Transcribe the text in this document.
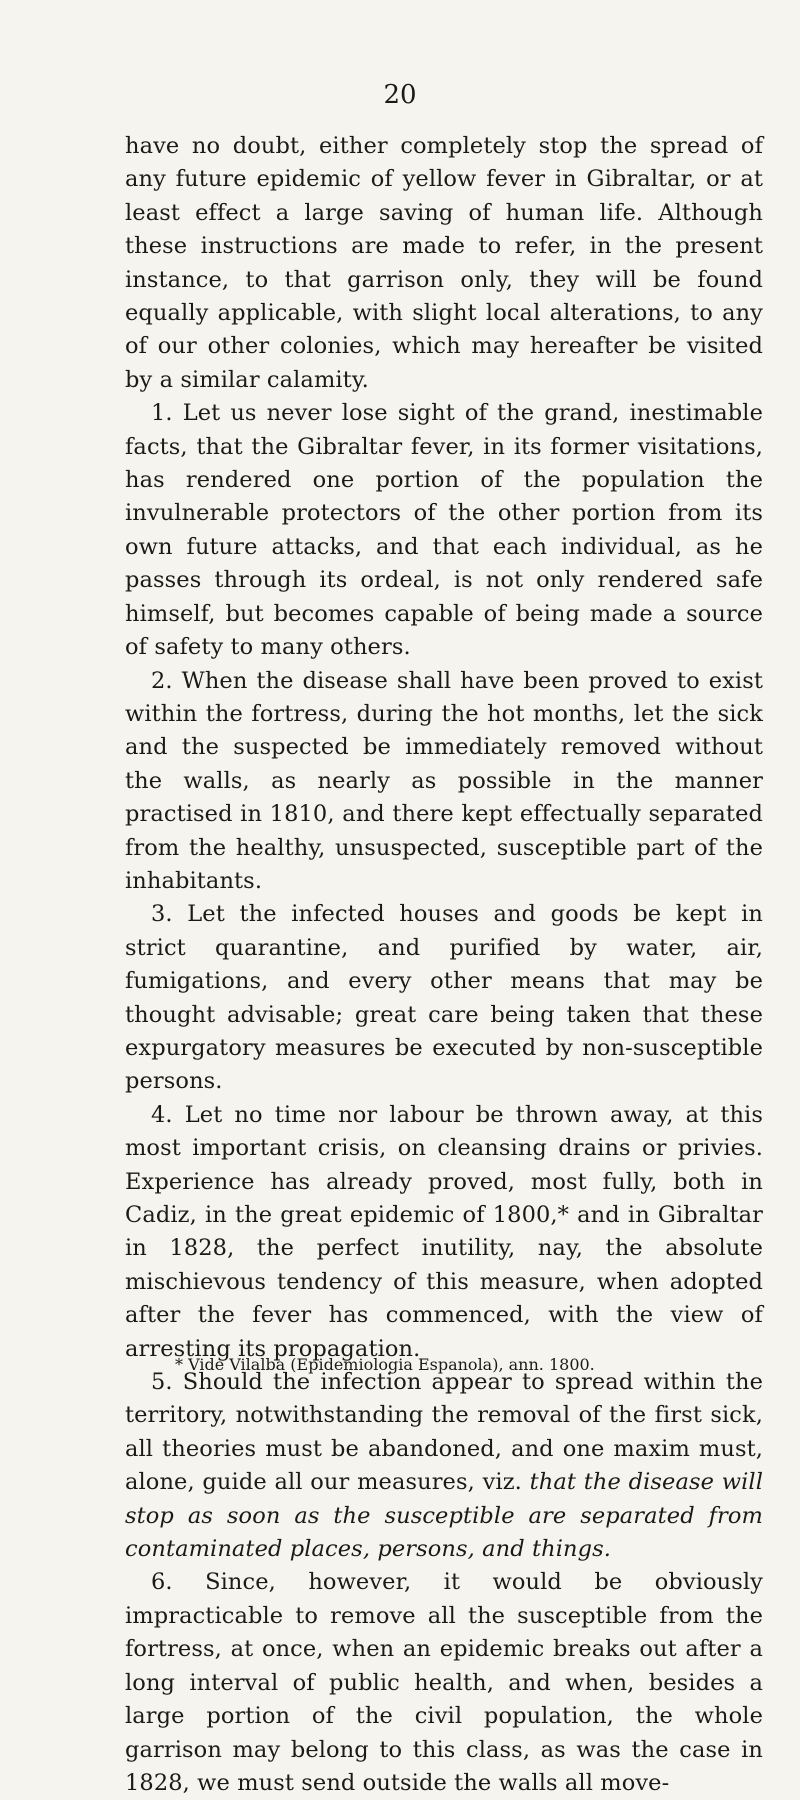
20

have no doubt, either completely stop the spread of any future epidemic of yellow fever in Gibraltar, or at least effect a large saving of human life. Although these instructions are made to refer, in the present instance, to that garrison only, they will be found equally applicable, with slight local alterations, to any of our other colonies, which may hereafter be visited by a similar calamity.

1. Let us never lose sight of the grand, inestimable facts, that the Gibraltar fever, in its former visitations, has rendered one portion of the population the invulnerable protectors of the other portion from its own future attacks, and that each individual, as he passes through its ordeal, is not only rendered safe himself, but becomes capable of being made a source of safety to many others.

2. When the disease shall have been proved to exist within the fortress, during the hot months, let the sick and the suspected be immediately removed without the walls, as nearly as possible in the manner practised in 1810, and there kept effectually separated from the healthy, unsuspected, susceptible part of the inhabitants.

3. Let the infected houses and goods be kept in strict quarantine, and purified by water, air, fumigations, and every other means that may be thought advisable; great care being taken that these expurgatory measures be executed by non-susceptible persons.

4. Let no time nor labour be thrown away, at this most important crisis, on cleansing drains or privies. Experience has already proved, most fully, both in Cadiz, in the great epidemic of 1800,* and in Gibraltar in 1828, the perfect inutility, nay, the absolute mischievous tendency of this measure, when adopted after the fever has commenced, with the view of arresting its propagation.

5. Should the infection appear to spread within the territory, notwithstanding the removal of the first sick, all theories must be abandoned, and one maxim must, alone, guide all our measures, viz. that the disease will stop as soon as the susceptible are separated from contaminated places, persons, and things.

6. Since, however, it would be obviously impracticable to remove all the susceptible from the fortress, at once, when an epidemic breaks out after a long interval of public health, and when, besides a large portion of the civil population, the whole garrison may belong to this class, as was the case in 1828, we must send outside the walls all move-

* Vide Vilalba (Epidemiologia Espanola), ann. 1800.
